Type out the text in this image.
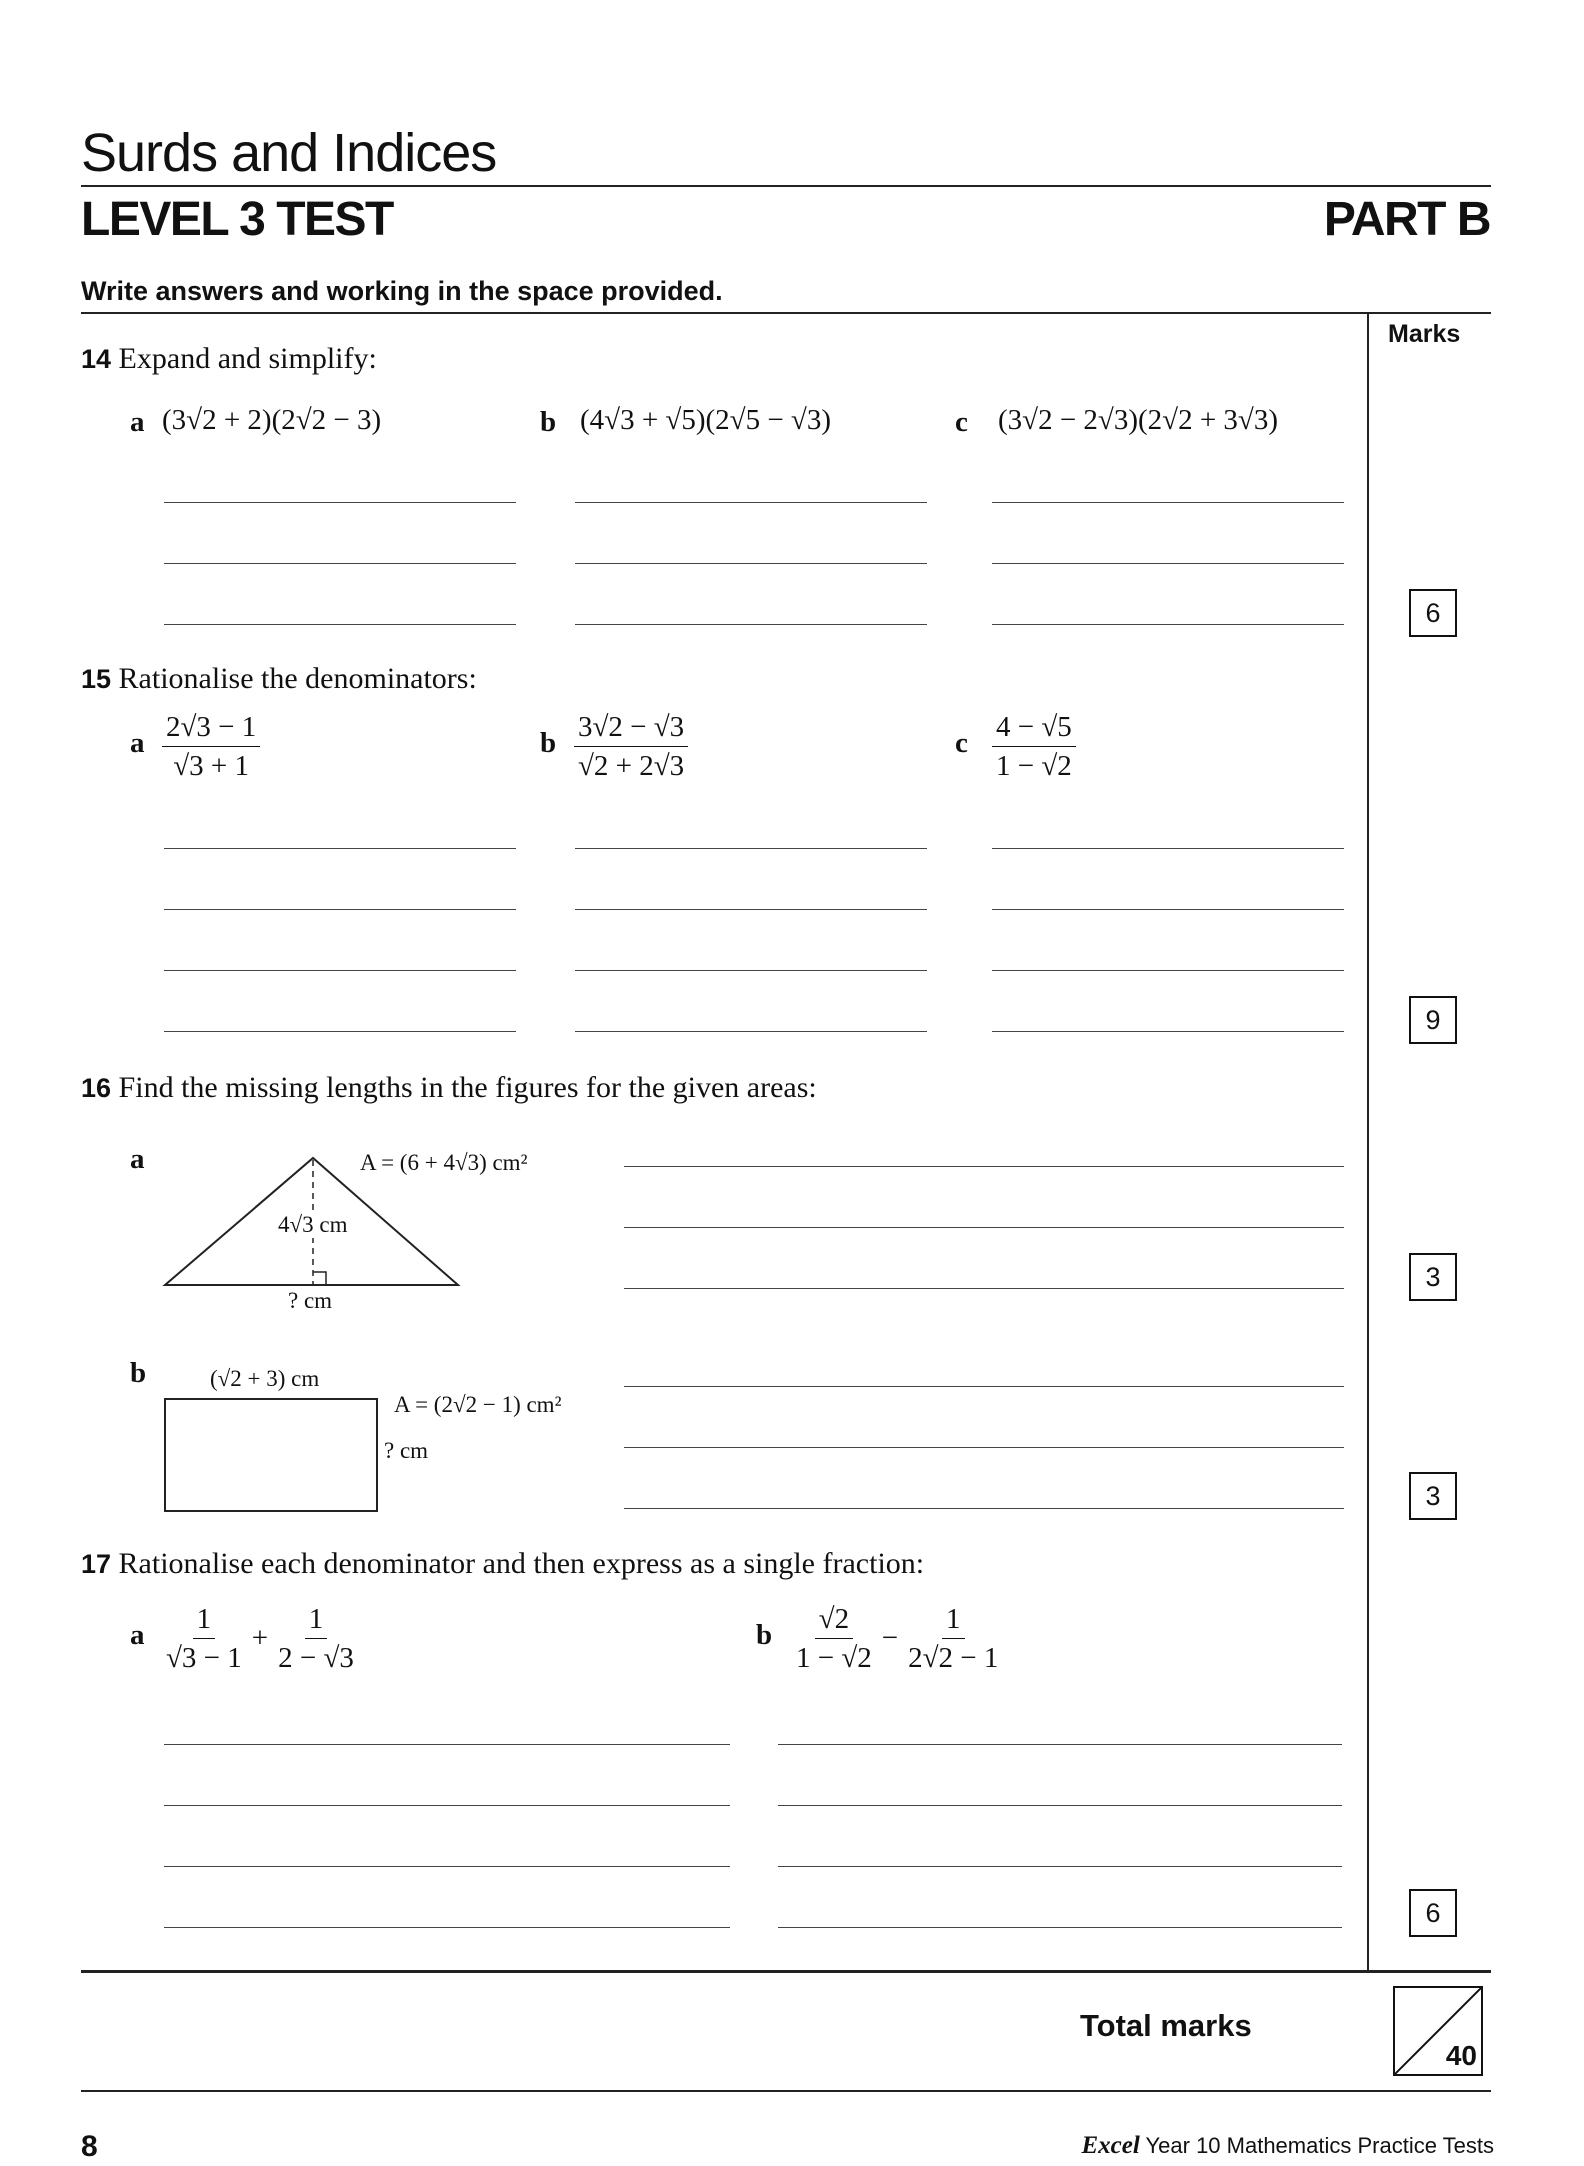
Surds and Indices
LEVEL 3 TEST	PART B
Write answers and working in the space provided.
Marks
14 Expand and simplify:
a (3√2 + 2)(2√2 − 3)	b (4√3 + √5)(2√5 − √3)	c (3√2 − 2√3)(2√2 + 3√3)
6
15 Rationalise the denominators:
a $\frac{2√3 - 1}{√3 + 1}$	b $\frac{3√2 - √3}{√2 + 2√3}$	c $\frac{4 - √5}{1 - √2}$
9
16 Find the missing lengths in the figures for the given areas:
a	A = (6 + 4√3) cm²
4√3 cm
? cm
3
b	(√2 + 3) cm
A = (2√2 − 1) cm²
? cm
3
17 Rationalise each denominator and then express as a single fraction:
a $\frac{1}{√3 - 1} + \frac{1}{2 - √3}$	b $\frac{√2}{1 - √2} - \frac{1}{2√2 - 1}$
6
Total marks
40
8	Excel Year 10 Mathematics Practice Tests
